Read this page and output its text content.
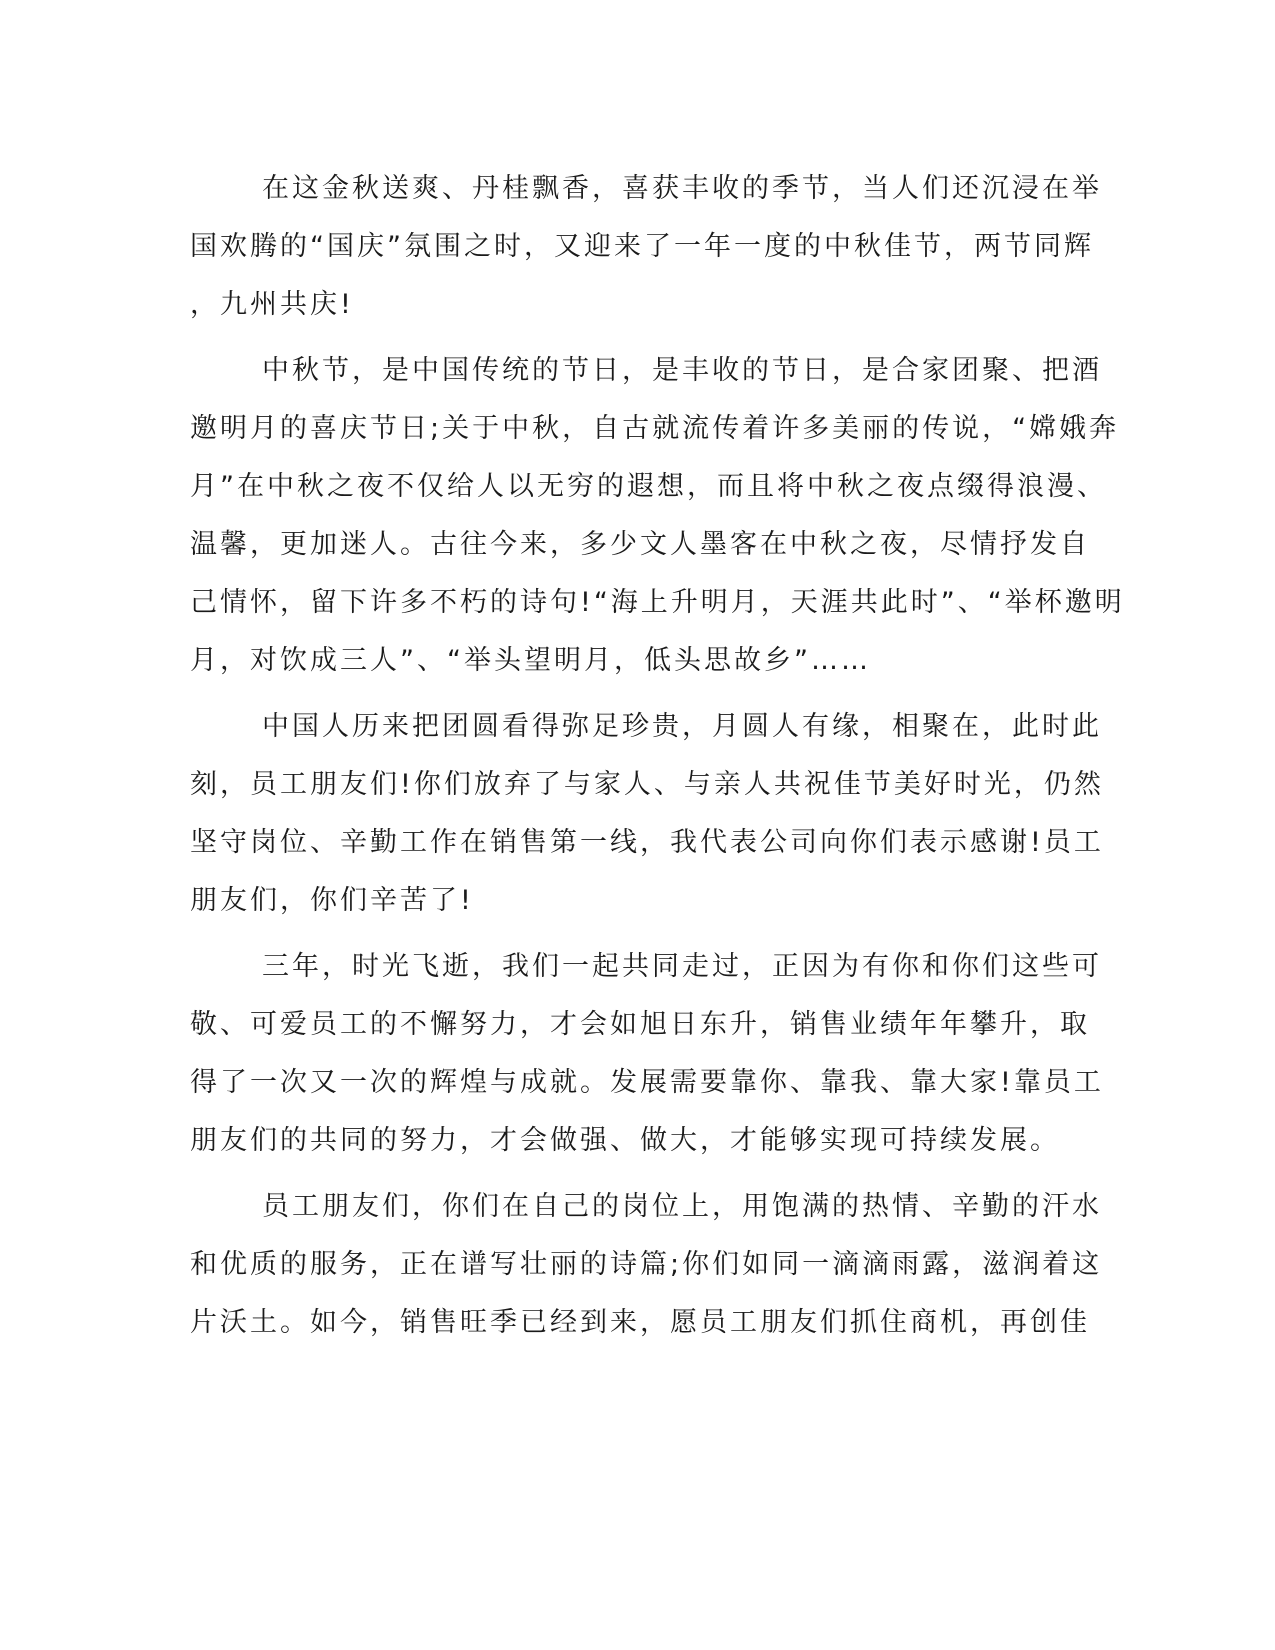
在这金秋送爽、丹桂飘香，喜获丰收的季节，当人们还沉浸在举
国欢腾的“国庆”氛围之时，又迎来了一年一度的中秋佳节，两节同辉
，九州共庆!
中秋节，是中国传统的节日，是丰收的节日，是合家团聚、把酒
邀明月的喜庆节日;关于中秋，自古就流传着许多美丽的传说，“嫦娥奔
月”在中秋之夜不仅给人以无穷的遐想，而且将中秋之夜点缀得浪漫、
温馨，更加迷人。古往今来，多少文人墨客在中秋之夜，尽情抒发自
己情怀，留下许多不朽的诗句!“海上升明月，天涯共此时”、“举杯邀明
月，对饮成三人”、“举头望明月，低头思故乡”……
中国人历来把团圆看得弥足珍贵，月圆人有缘，相聚在，此时此
刻，员工朋友们!你们放弃了与家人、与亲人共祝佳节美好时光，仍然
坚守岗位、辛勤工作在销售第一线，我代表公司向你们表示感谢!员工
朋友们，你们辛苦了!
三年，时光飞逝，我们一起共同走过，正因为有你和你们这些可
敬、可爱员工的不懈努力，才会如旭日东升，销售业绩年年攀升，取
得了一次又一次的辉煌与成就。发展需要靠你、靠我、靠大家!靠员工
朋友们的共同的努力，才会做强、做大，才能够实现可持续发展。
员工朋友们，你们在自己的岗位上，用饱满的热情、辛勤的汗水
和优质的服务，正在谱写壮丽的诗篇;你们如同一滴滴雨露，滋润着这
片沃土。如今，销售旺季已经到来，愿员工朋友们抓住商机，再创佳
